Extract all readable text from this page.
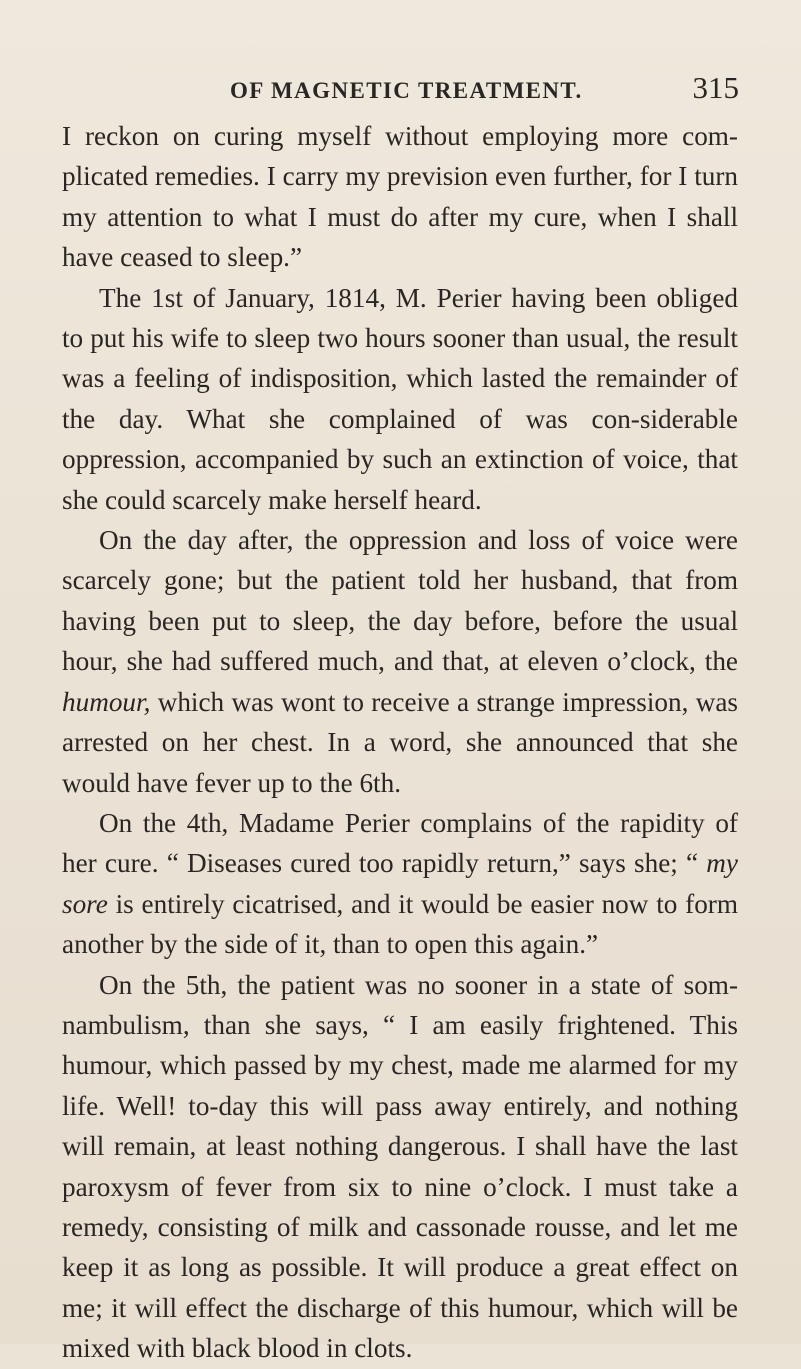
OF MAGNETIC TREATMENT.	315

I reckon on curing myself without employing more com-plicated remedies. I carry my prevision even further, for I turn my attention to what I must do after my cure, when I shall have ceased to sleep.”

The 1st of January, 1814, M. Perier having been obliged to put his wife to sleep two hours sooner than usual, the result was a feeling of indisposition, which lasted the remainder of the day. What she complained of was con-siderable oppression, accompanied by such an extinction of voice, that she could scarcely make herself heard.

On the day after, the oppression and loss of voice were scarcely gone; but the patient told her husband, that from having been put to sleep, the day before, before the usual hour, she had suffered much, and that, at eleven o’clock, the humour, which was wont to receive a strange impression, was arrested on her chest. In a word, she announced that she would have fever up to the 6th.

On the 4th, Madame Perier complains of the rapidity of her cure. “ Diseases cured too rapidly return,” says she; “ my sore is entirely cicatrised, and it would be easier now to form another by the side of it, than to open this again.”

On the 5th, the patient was no sooner in a state of som-nambulism, than she says, “ I am easily frightened. This humour, which passed by my chest, made me alarmed for my life. Well! to-day this will pass away entirely, and nothing will remain, at least nothing dangerous. I shall have the last paroxysm of fever from six to nine o’clock. I must take a remedy, consisting of milk and cassonade rousse, and let me keep it as long as possible. It will produce a great effect on me; it will effect the discharge of this humour, which will be mixed with black blood in clots.
